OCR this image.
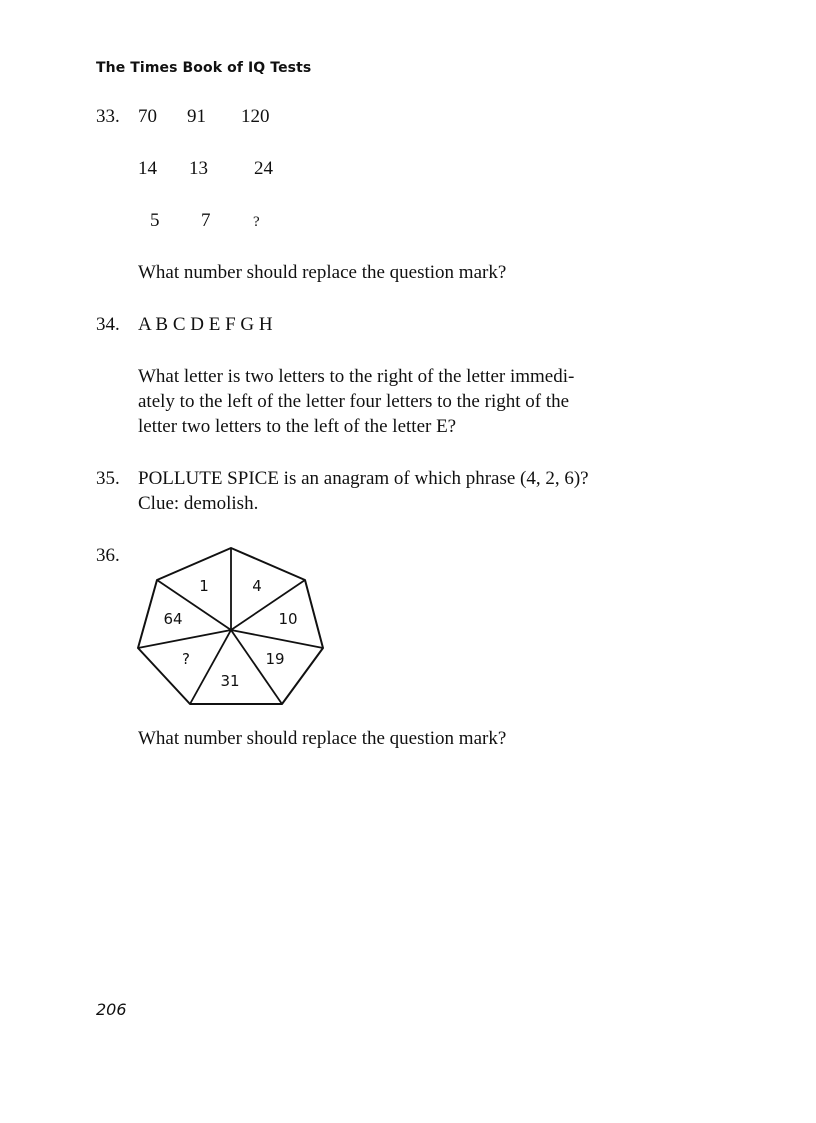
The Times Book of IQ Tests
33. 70 91 120
14 13 24
5 7	?
What number should replace the question mark?
34. A B C D E F G H
What letter is two letters to the right of the letter immedi-
ately to the left of the letter four letters to the right of the
letter two letters to the left of the letter E?
35. POLLUTE SPICE is an anagram of which phrase (4, 2, 6)?
Clue: demolish.
36.
1	4
10
19
31
?
64
What number should replace the question mark?
206
